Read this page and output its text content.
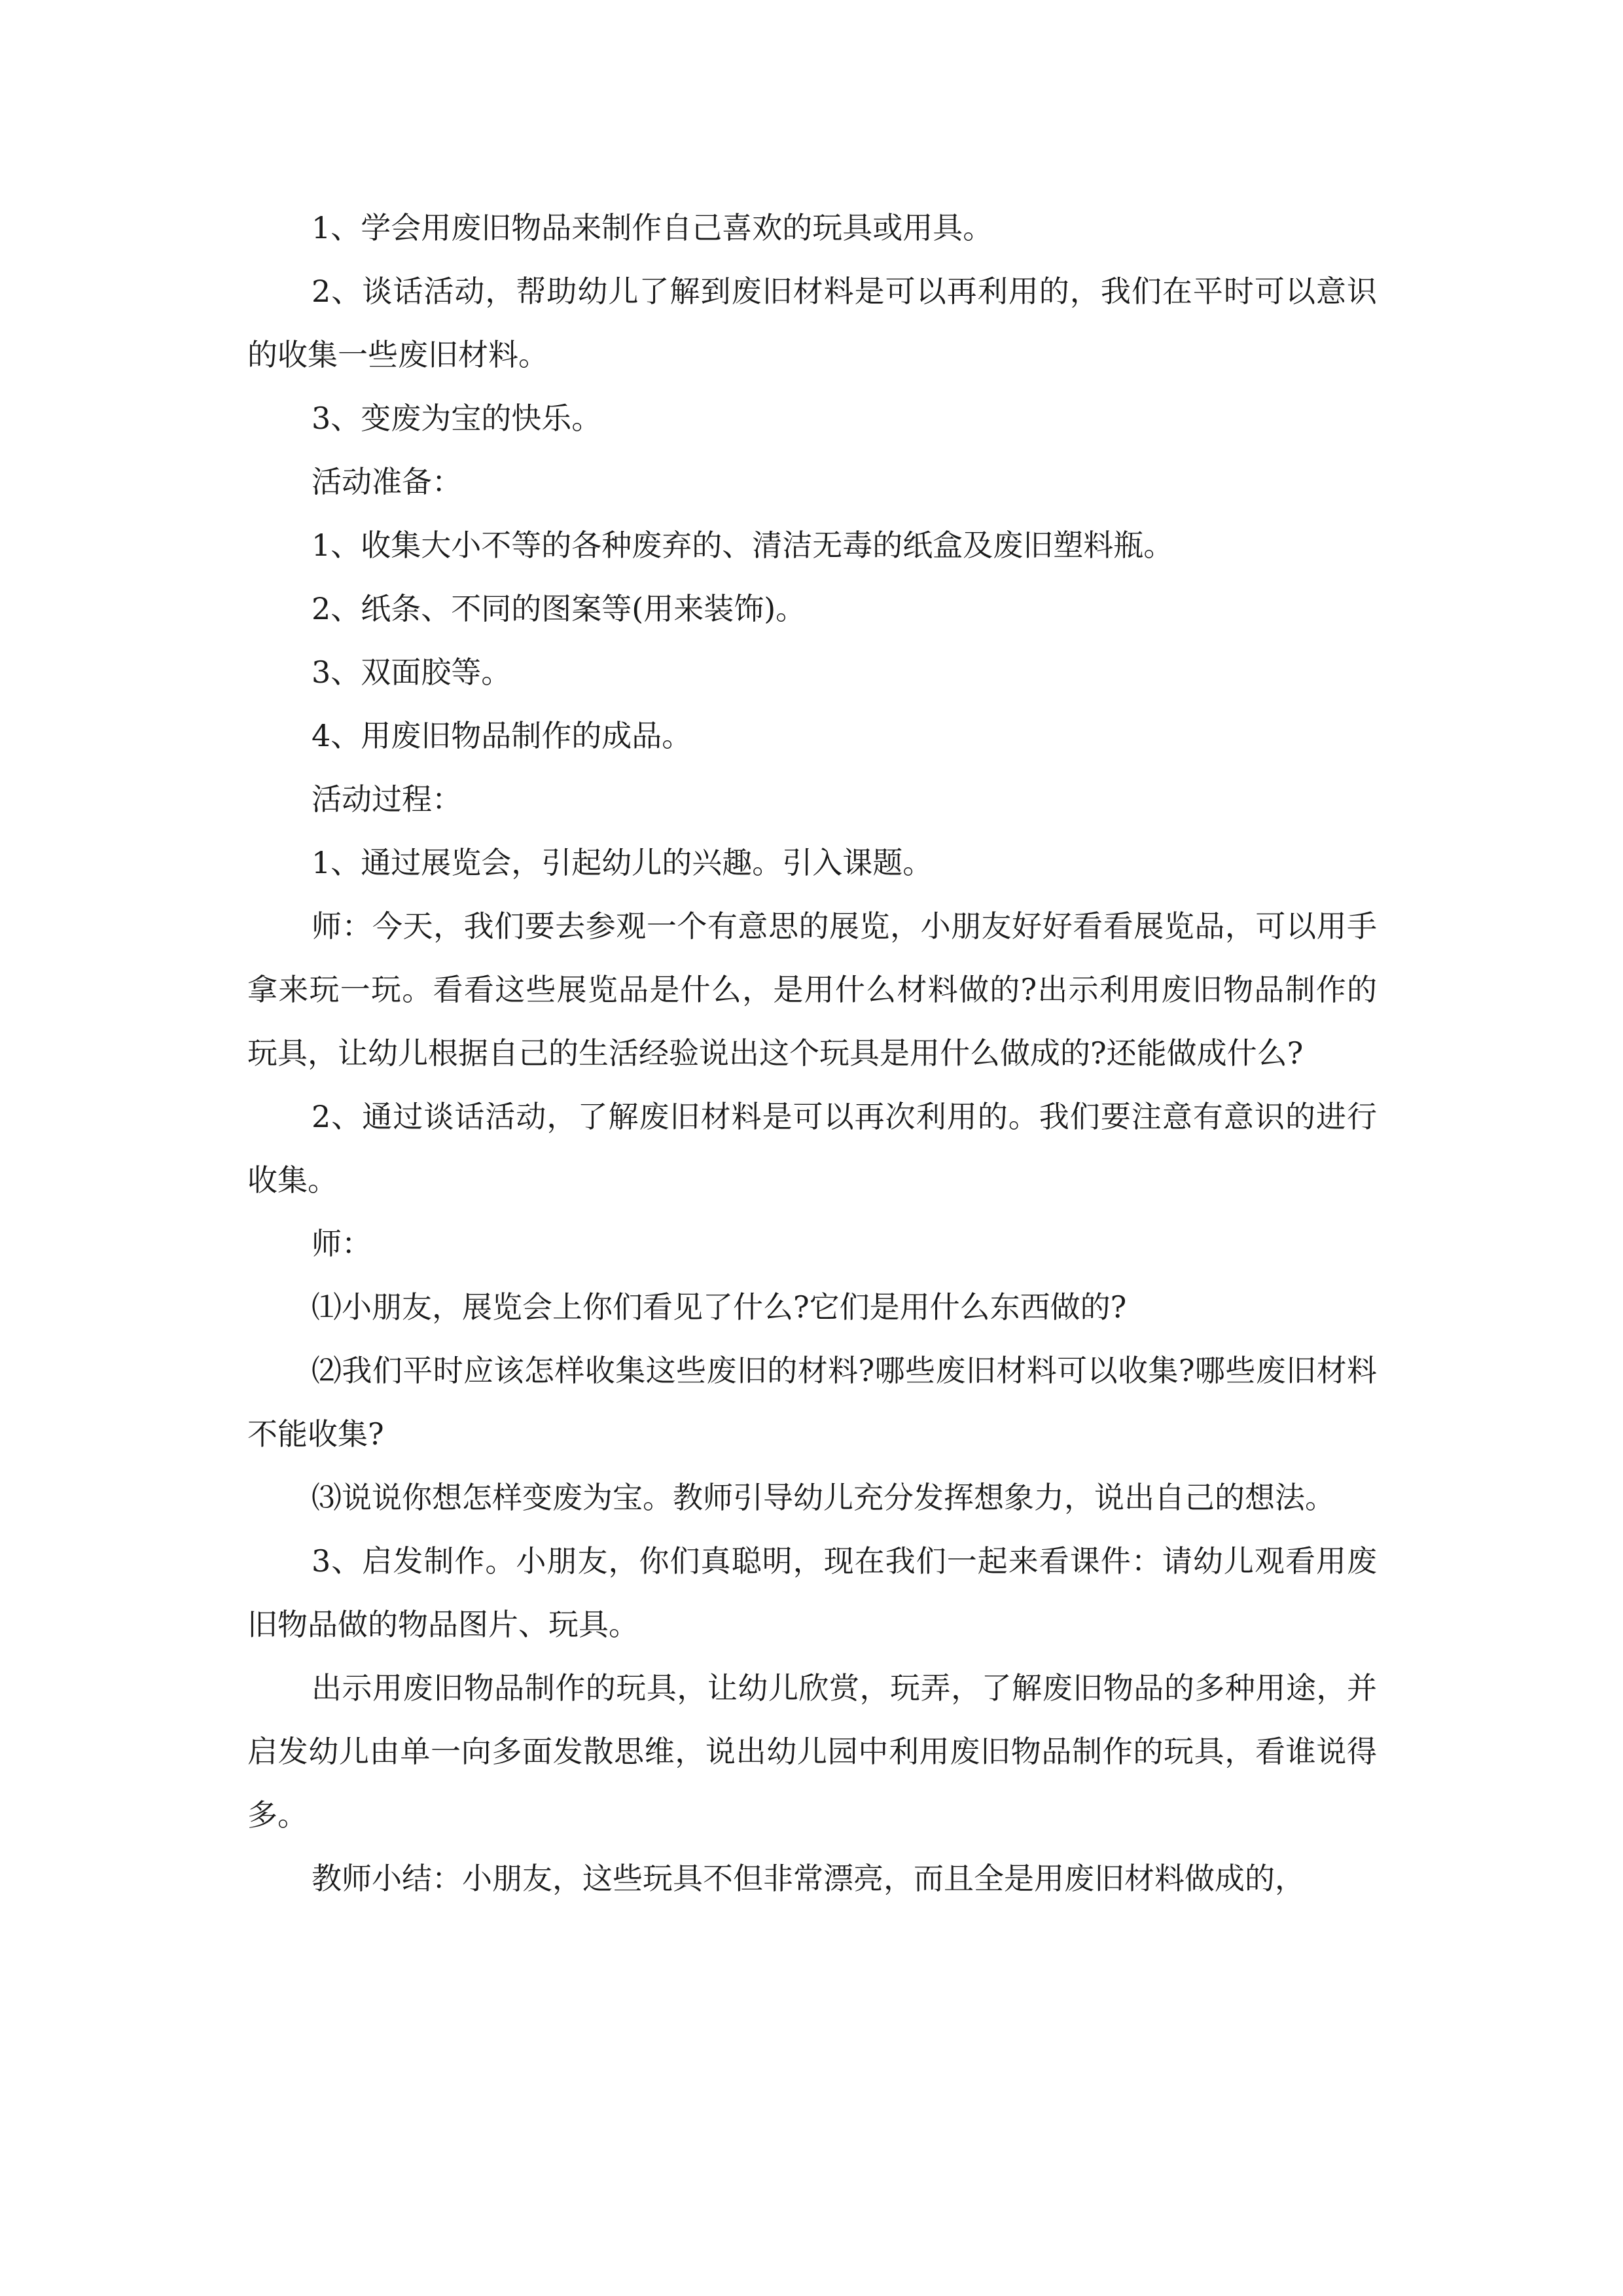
1、学会用废旧物品来制作自己喜欢的玩具或用具。

2、谈话活动，帮助幼儿了解到废旧材料是可以再利用的，我们在平时可以意识的收集一些废旧材料。

3、变废为宝的快乐。

活动准备：

1、收集大小不等的各种废弃的、清洁无毒的纸盒及废旧塑料瓶。

2、纸条、不同的图案等(用来装饰)。

3、双面胶等。

4、用废旧物品制作的成品。

活动过程：

1、通过展览会，引起幼儿的兴趣。引入课题。

师：今天，我们要去参观一个有意思的展览，小朋友好好看看展览品，可以用手拿来玩一玩。看看这些展览品是什么，是用什么材料做的?出示利用废旧物品制作的玩具，让幼儿根据自己的生活经验说出这个玩具是用什么做成的?还能做成什么?

2、通过谈话活动，了解废旧材料是可以再次利用的。我们要注意有意识的进行收集。

师：

⑴小朋友，展览会上你们看见了什么?它们是用什么东西做的?

⑵我们平时应该怎样收集这些废旧的材料?哪些废旧材料可以收集?哪些废旧材料不能收集?

⑶说说你想怎样变废为宝。教师引导幼儿充分发挥想象力，说出自己的想法。

3、启发制作。小朋友，你们真聪明，现在我们一起来看课件：请幼儿观看用废旧物品做的物品图片、玩具。

出示用废旧物品制作的玩具，让幼儿欣赏，玩弄，了解废旧物品的多种用途，并启发幼儿由单一向多面发散思维，说出幼儿园中利用废旧物品制作的玩具，看谁说得多。

教师小结：小朋友，这些玩具不但非常漂亮，而且全是用废旧材料做成的，
